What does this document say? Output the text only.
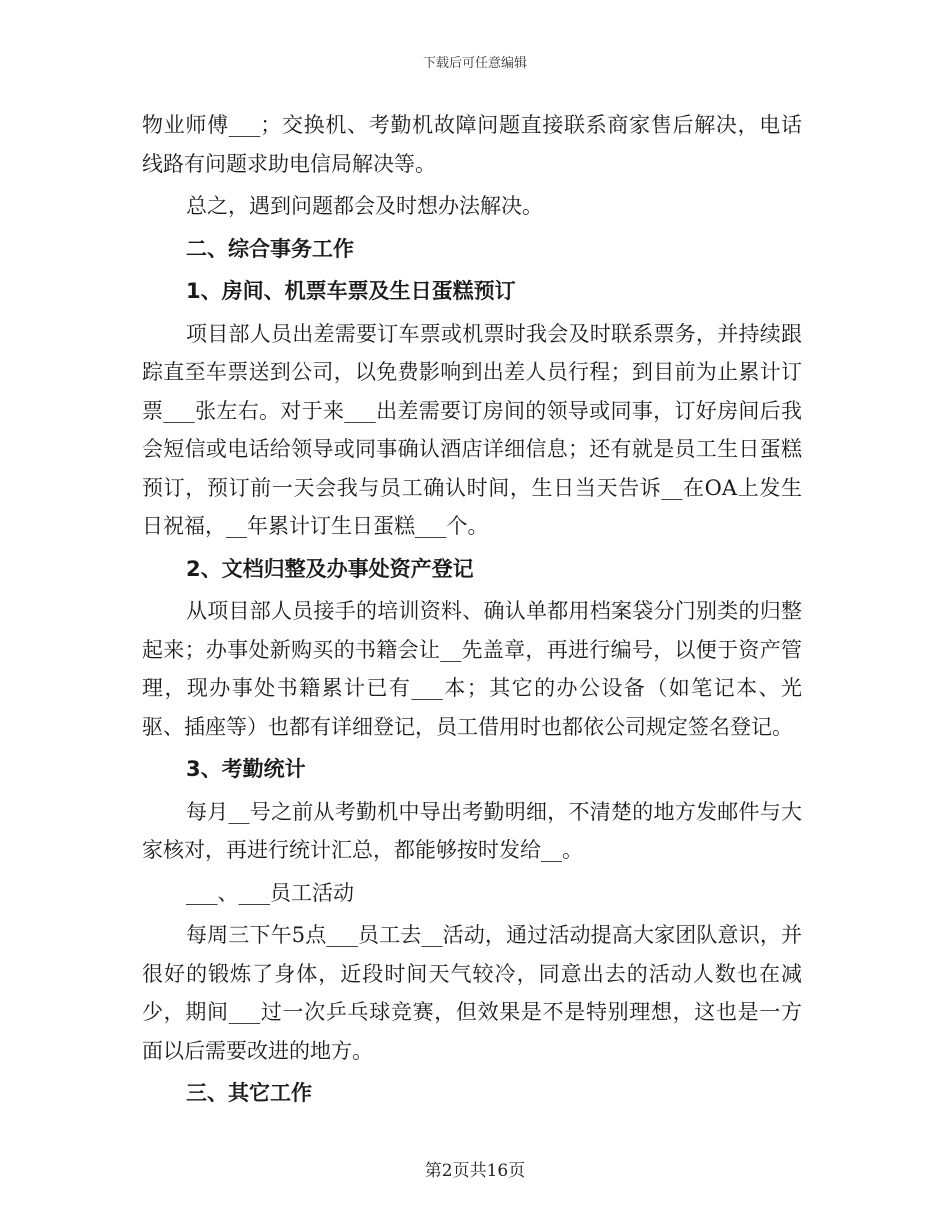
下载后可任意编辑

物业师傅___；交换机、考勤机故障问题直接联系商家售后解决，电话线路有问题求助电信局解决等。

总之，遇到问题都会及时想办法解决。

二、综合事务工作

1、房间、机票车票及生日蛋糕预订

项目部人员出差需要订车票或机票时我会及时联系票务，并持续跟踪直至车票送到公司，以免费影响到出差人员行程；到目前为止累计订票___张左右。对于来___出差需要订房间的领导或同事，订好房间后我会短信或电话给领导或同事确认酒店详细信息；还有就是员工生日蛋糕预订，预订前一天会我与员工确认时间，生日当天告诉__在OA上发生日祝福，__年累计订生日蛋糕___个。

2、文档归整及办事处资产登记

从项目部人员接手的培训资料、确认单都用档案袋分门别类的归整起来；办事处新购买的书籍会让__先盖章，再进行编号，以便于资产管理，现办事处书籍累计已有___本；其它的办公设备（如笔记本、光驱、插座等）也都有详细登记，员工借用时也都依公司规定签名登记。

3、考勤统计

每月__号之前从考勤机中导出考勤明细，不清楚的地方发邮件与大家核对，再进行统计汇总，都能够按时发给__。

___、___员工活动

每周三下午5点___员工去__活动，通过活动提高大家团队意识，并很好的锻炼了身体，近段时间天气较冷，同意出去的活动人数也在减少，期间___过一次乒乓球竞赛，但效果是不是特别理想，这也是一方面以后需要改进的地方。

三、其它工作

第2页共16页
